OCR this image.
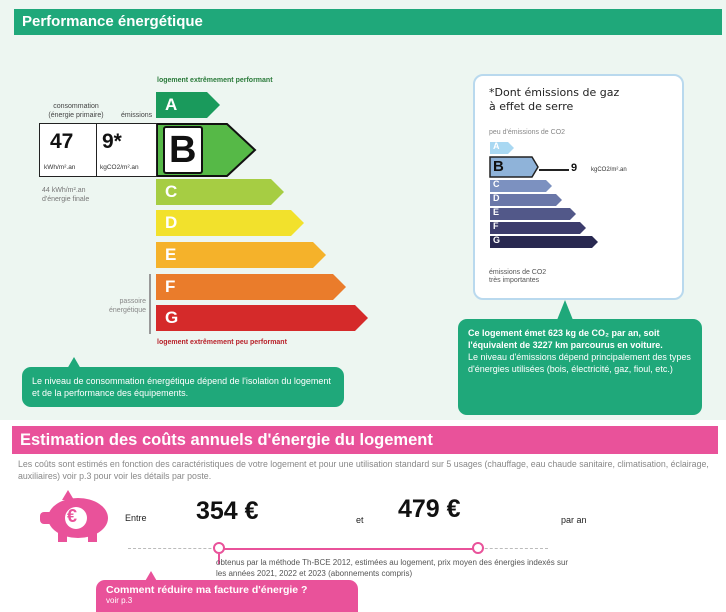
Performance énergétique
logement extrêmement performant
logement extrêmement peu performant
consommation
(énergie primaire)	émissions
A
C
D
E
F
G
47 9*
kWh/m².an	kgCO2/m².an B
44 kWh/m².an
d'énergie finale
passoire
énergétique
Le niveau de consommation énergétique dépend de l'isolation du logement et de la performance des équipements.
*Dont émissions de gaz
à effet de serre
peu d'émissions de CO2
A
B
C
D
E
F
G
émissions de CO2
très importantes
9 kgCO2/m².an
Ce logement émet 623 kg de CO₂ par an, soit l'équivalent de 3227 km parcourus en voiture.
Le niveau d'émissions dépend principalement des types d'énergies utilisées (bois, électricité, gaz, fioul, etc.)
Estimation des coûts annuels d'énergie du logement
Les coûts sont estimés en fonction des caractéristiques de votre logement et pour une utilisation standard sur 5 usages (chauffage, eau chaude sanitaire, climatisation, éclairage, auxiliaires) voir p.3 pour voir les détails par poste.
€	Entre 354 €	et 479 €	par an
obtenus par la méthode Th-BCE 2012, estimées au logement, prix moyen des énergies indexés sur les années 2021, 2022 et 2023 (abonnements compris)
Comment réduire ma facture d'énergie ?
voir p.3
